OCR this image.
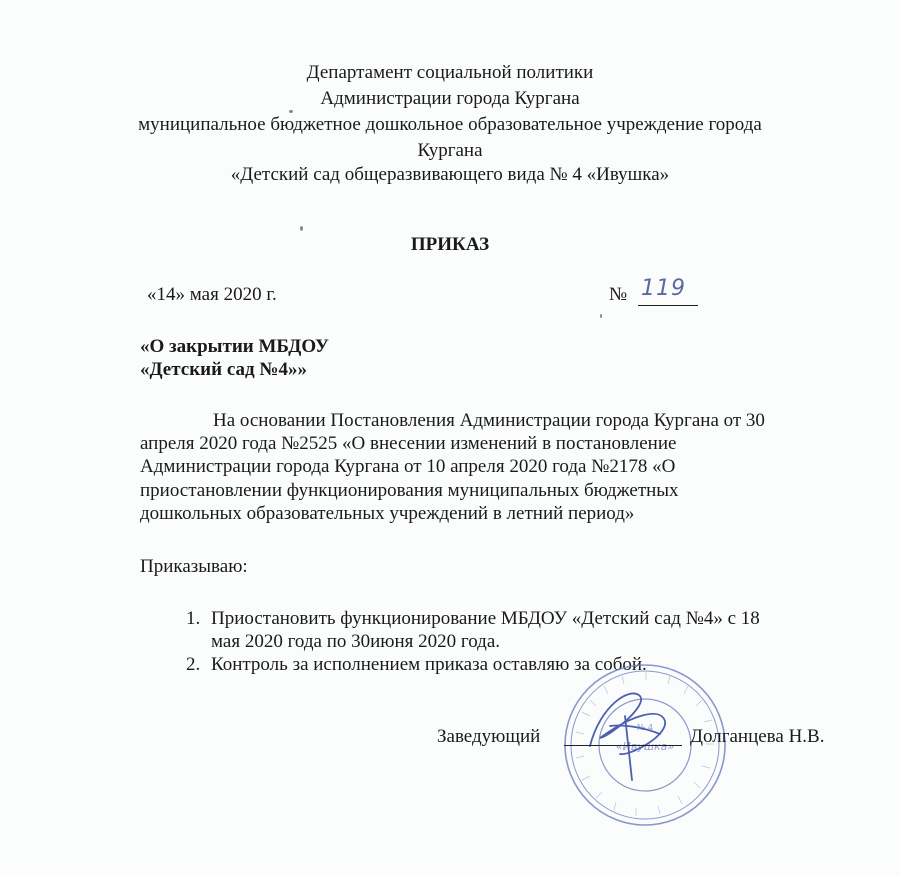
Департамент социальной политики
Администрации города Кургана
муниципальное бюджетное дошкольное образовательное учреждение города
Кургана
«Детский сад общеразвивающего вида № 4 «Ивушка»
ПРИКАЗ
«14» мая 2020 г.	№ 119
«О закрытии МБДОУ
«Детский сад №4»»
На основании Постановления Администрации города Кургана от 30
апреля 2020 года №2525 «О внесении изменений в постановление
Администрации города Кургана от 10 апреля 2020 года №2178 «О
приостановлении функционирования муниципальных бюджетных
дошкольных образовательных учреждений в летний период»
Приказываю:
1. Приостановить функционирование МБДОУ «Детский сад №4» с 18
мая 2020 года по 30июня 2020 года.
2. Контроль за исполнением приказа оставляю за собой.
«Ивушка»
№ 4
Заведующий	Долганцева Н.В.
